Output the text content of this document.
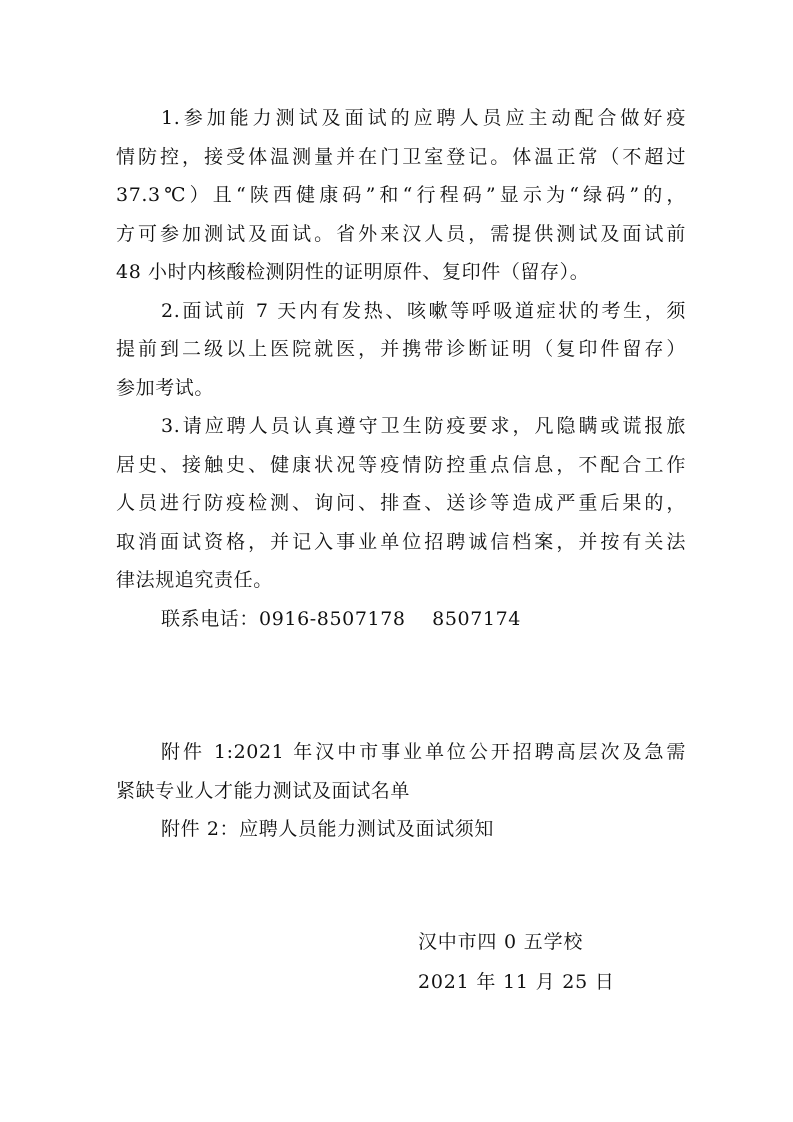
1.参加能力测试及面试的应聘人员应主动配合做好疫
情防控，接受体温测量并在门卫室登记。体温正常（不超过
37.3℃）且“陕西健康码”和“行程码”显示为“绿码”的，
方可参加测试及面试。省外来汉人员，需提供测试及面试前
48 小时内核酸检测阴性的证明原件、复印件（留存）。
2.面试前 7 天内有发热、咳嗽等呼吸道症状的考生，须
提前到二级以上医院就医，并携带诊断证明（复印件留存）
参加考试。
3.请应聘人员认真遵守卫生防疫要求，凡隐瞒或谎报旅
居史、接触史、健康状况等疫情防控重点信息，不配合工作
人员进行防疫检测、询问、排查、送诊等造成严重后果的，
取消面试资格，并记入事业单位招聘诚信档案，并按有关法
律法规追究责任。
联系电话：0916-8507178    8507174
附件 1:2021 年汉中市事业单位公开招聘高层次及急需
紧缺专业人才能力测试及面试名单
附件 2：应聘人员能力测试及面试须知
汉中市四 0 五学校
2021 年 11 月 25 日
